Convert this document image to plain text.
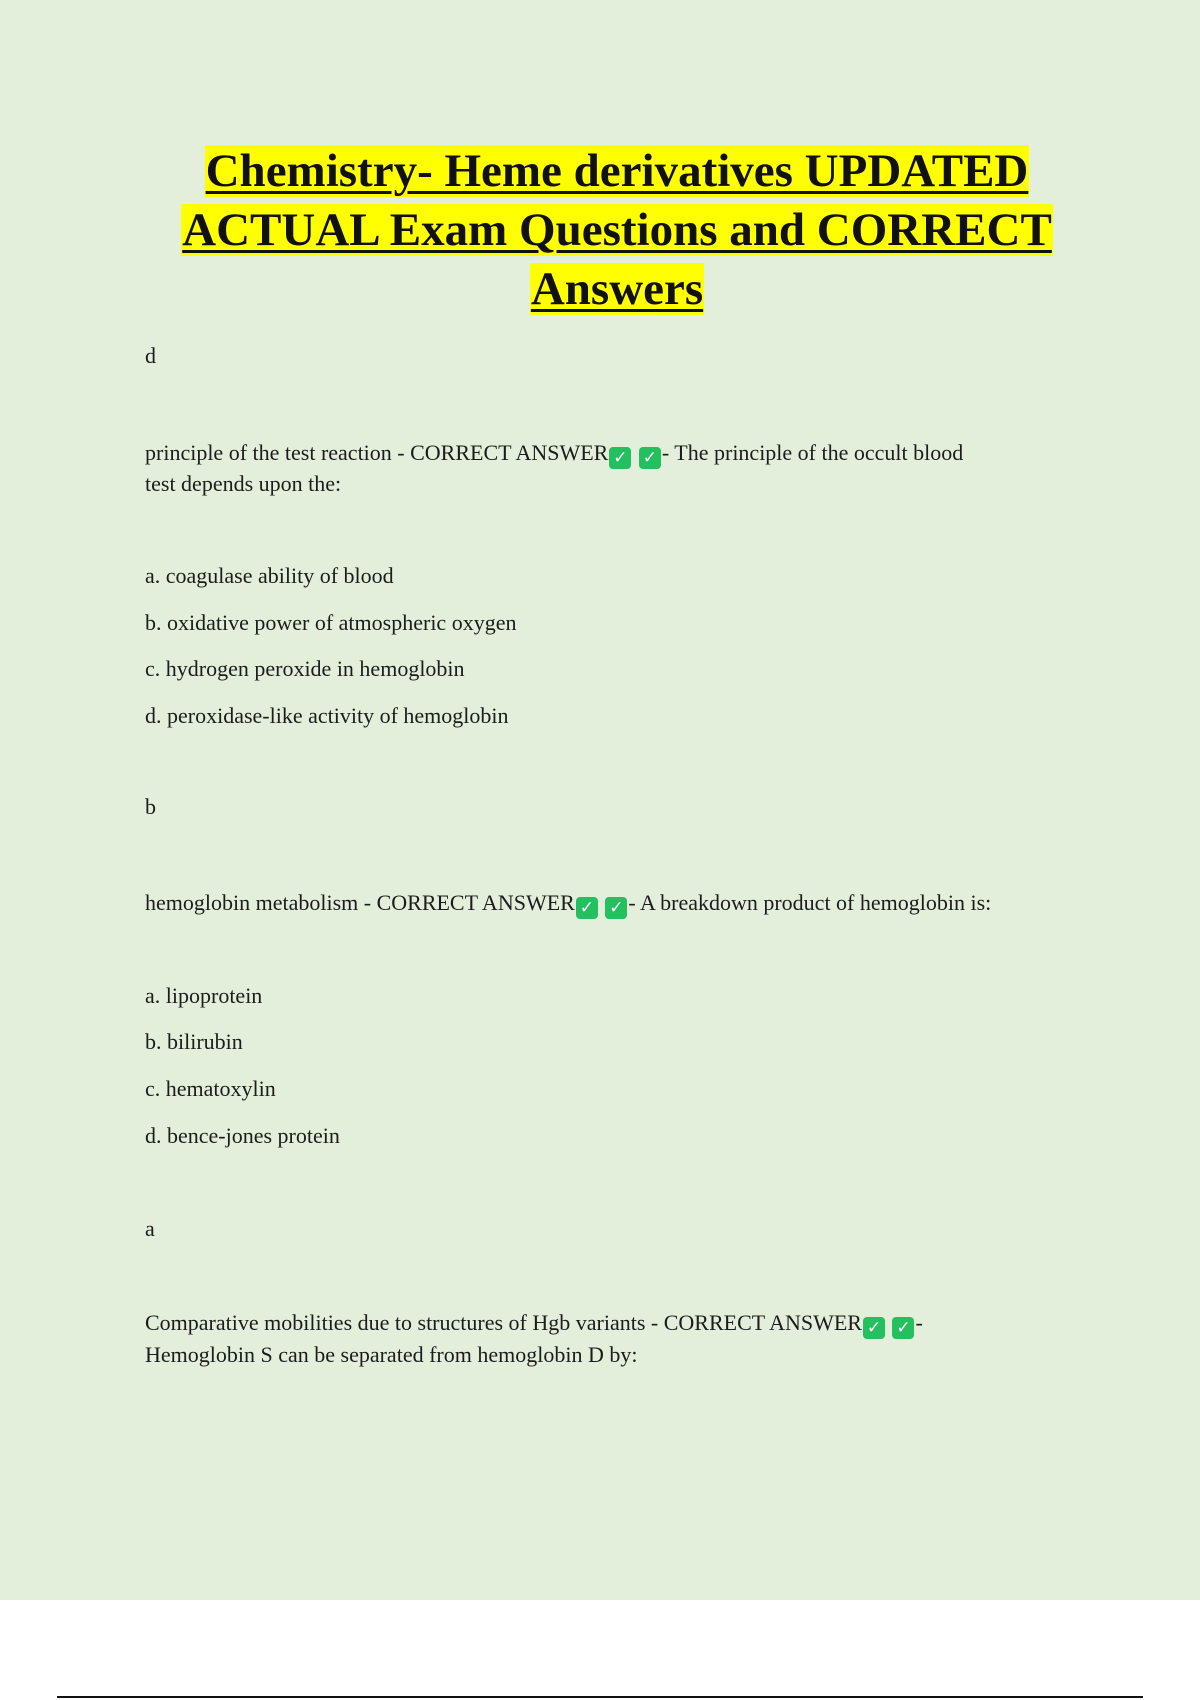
Chemistry- Heme derivatives UPDATED
ACTUAL Exam Questions and CORRECT
Answers
d
principle of the test reaction - CORRECT ANSWER ✓ ✓ - The principle of the occult blood
test depends upon the:
a. coagulase ability of blood
b. oxidative power of atmospheric oxygen
c. hydrogen peroxide in hemoglobin
d. peroxidase-like activity of hemoglobin
b
hemoglobin metabolism - CORRECT ANSWER ✓ ✓ - A breakdown product of hemoglobin is:
a. lipoprotein
b. bilirubin
c. hematoxylin
d. bence-jones protein
a
Comparative mobilities due to structures of Hgb variants - CORRECT ANSWER ✓ ✓ -
Hemoglobin S can be separated from hemoglobin D by:
